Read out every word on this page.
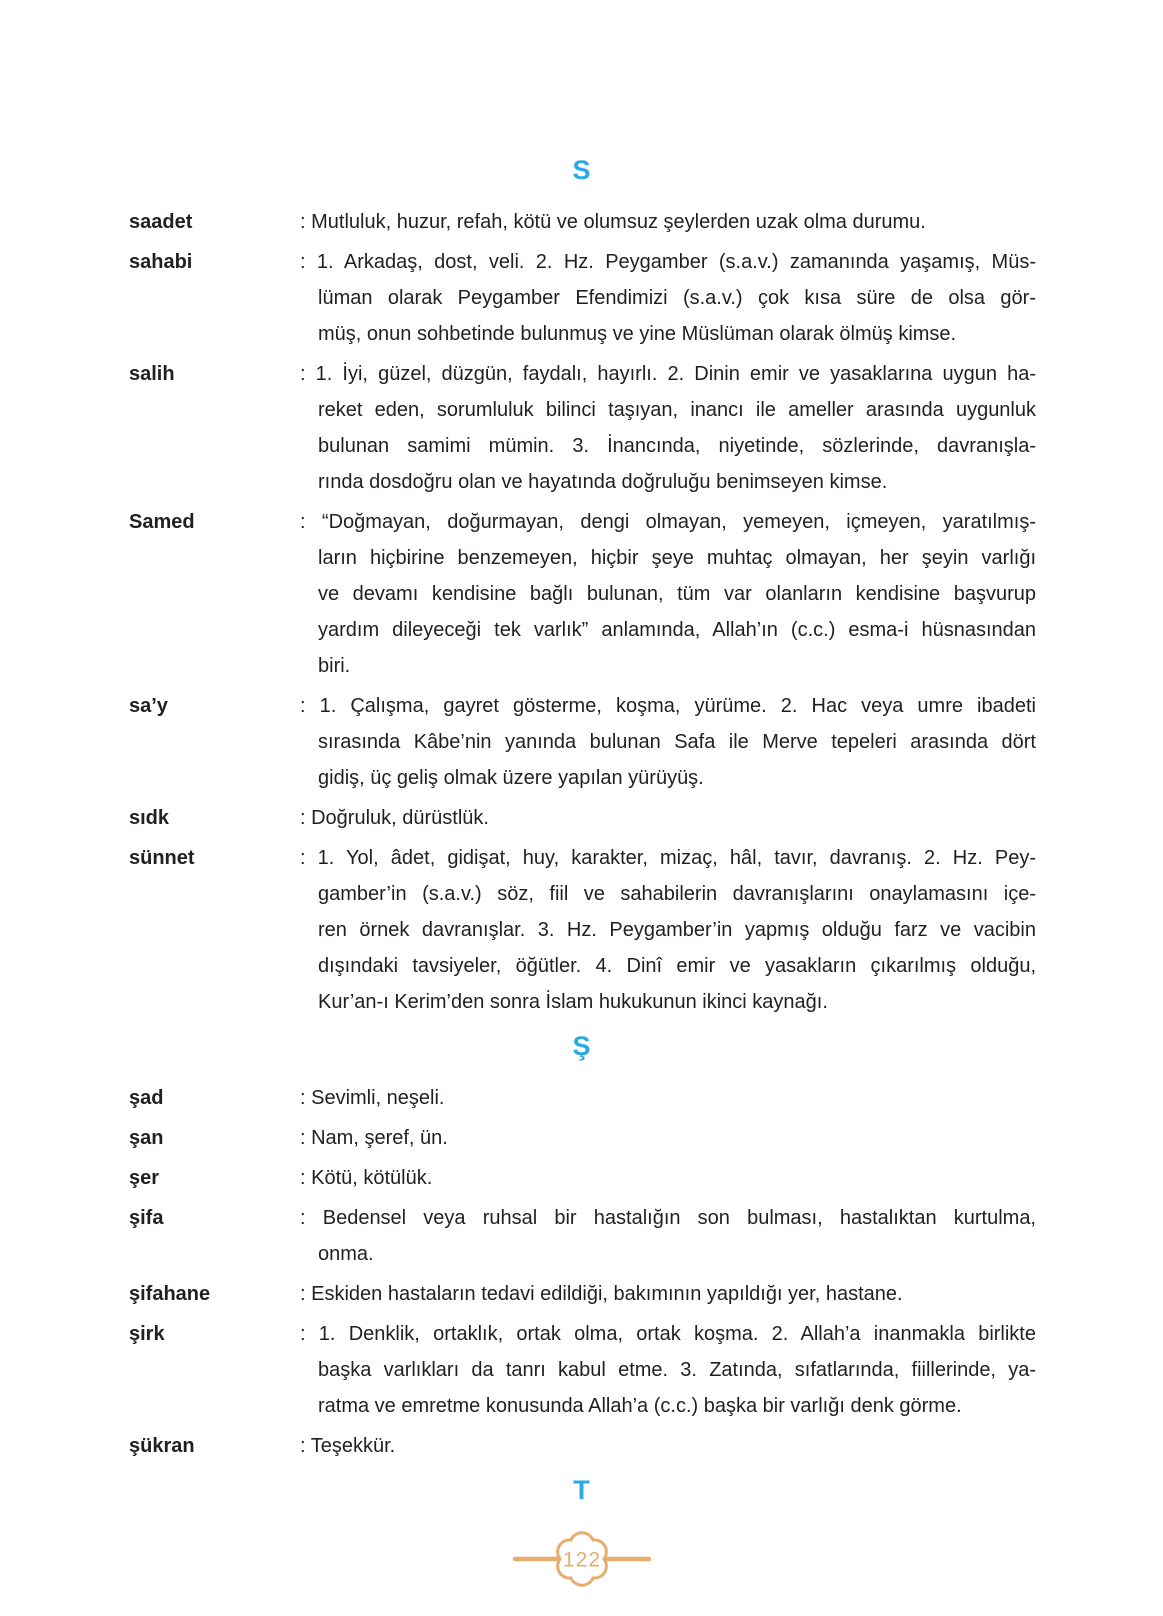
S
saadet	: Mutluluk, huzur, refah, kötü ve olumsuz şeylerden uzak olma durumu.
sahabi	: 1. Arkadaş, dost, veli. 2. Hz. Peygamber (s.a.v.) zamanında yaşamış, Müs-
lüman olarak Peygamber Efendimizi (s.a.v.) çok kısa süre de olsa gör-
müş, onun sohbetinde bulunmuş ve yine Müslüman olarak ölmüş kimse.
salih	: 1. İyi, güzel, düzgün, faydalı, hayırlı. 2. Dinin emir ve yasaklarına uygun ha-
reket eden, sorumluluk bilinci taşıyan, inancı ile ameller arasında uygunluk
bulunan samimi mümin. 3. İnancında, niyetinde, sözlerinde, davranışla-
rında dosdoğru olan ve hayatında doğruluğu benimseyen kimse.
Samed	: “Doğmayan, doğurmayan, dengi olmayan, yemeyen, içmeyen, yaratılmış-
ların hiçbirine benzemeyen, hiçbir şeye muhtaç olmayan, her şeyin varlığı
ve devamı kendisine bağlı bulunan, tüm var olanların kendisine başvurup
yardım dileyeceği tek varlık” anlamında, Allah’ın (c.c.) esma-i hüsnasından
biri.
sa’y	: 1. Çalışma, gayret gösterme, koşma, yürüme. 2. Hac veya umre ibadeti
sırasında Kâbe’nin yanında bulunan Safa ile Merve tepeleri arasında dört
gidiş, üç geliş olmak üzere yapılan yürüyüş.
sıdk	: Doğruluk, dürüstlük.
sünnet	: 1. Yol, âdet, gidişat, huy, karakter, mizaç, hâl, tavır, davranış. 2. Hz. Pey-
gamber’in (s.a.v.) söz, fiil ve sahabilerin davranışlarını onaylamasını içe-
ren örnek davranışlar. 3. Hz. Peygamber’in yapmış olduğu farz ve vacibin
dışındaki tavsiyeler, öğütler. 4. Dinî emir ve yasakların çıkarılmış olduğu,
Kur’an-ı Kerim’den sonra İslam hukukunun ikinci kaynağı.
Ş
şad	: Sevimli, neşeli.
şan	: Nam, şeref, ün.
şer	: Kötü, kötülük.
şifa	: Bedensel veya ruhsal bir hastalığın son bulması, hastalıktan kurtulma,
onma.
şifahane	: Eskiden hastaların tedavi edildiği, bakımının yapıldığı yer, hastane.
şirk	: 1. Denklik, ortaklık, ortak olma, ortak koşma. 2. Allah’a inanmakla birlikte
başka varlıkları da tanrı kabul etme. 3. Zatında, sıfatlarında, fiillerinde, ya-
ratma ve emretme konusunda Allah’a (c.c.) başka bir varlığı denk görme.
şükran	: Teşekkür.
T
122
